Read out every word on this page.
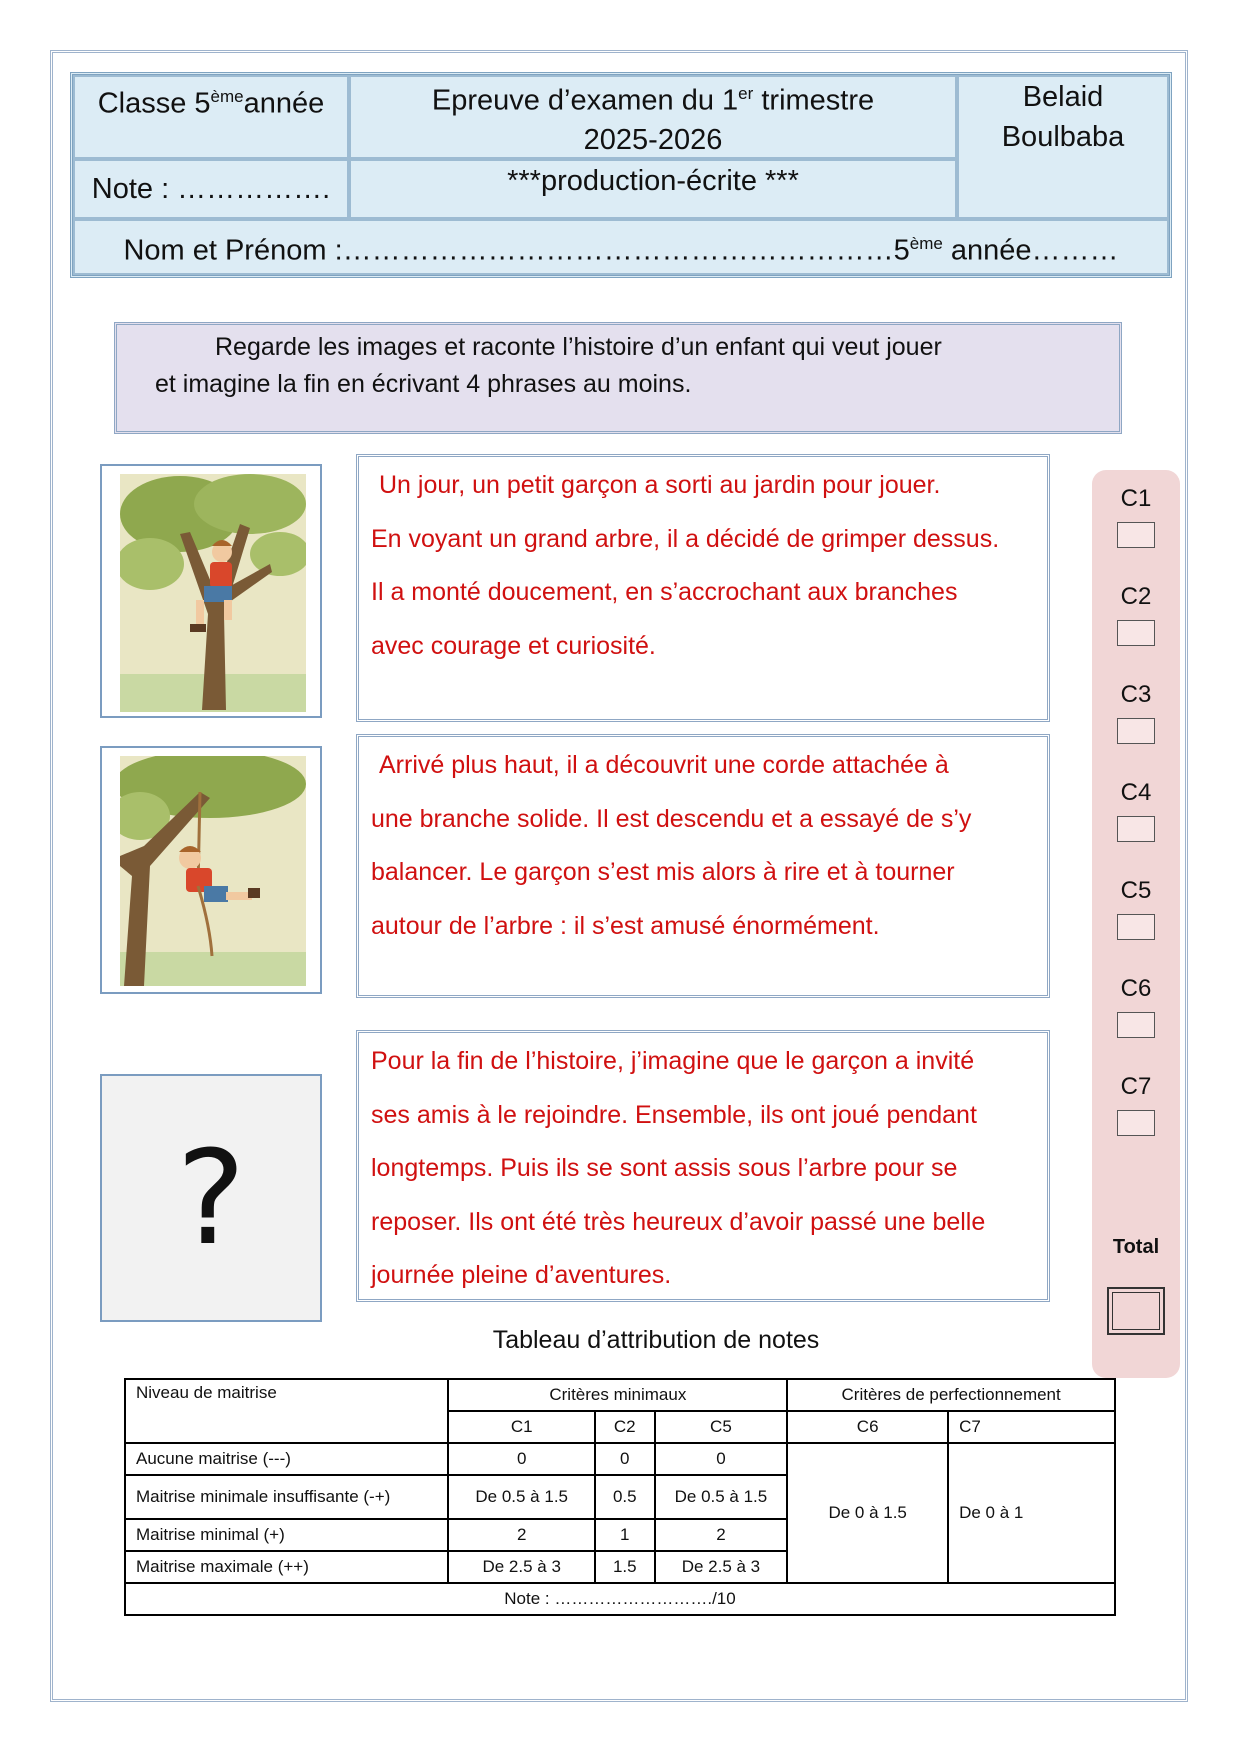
Classe 5èmeannée	Epreuve d’examen du 1er trimestre
2025-2026
Belaid
Boulbaba
Note : …………….	***production-écrite ***
Nom et Prénom :…………………………………………………5ème année………
Regarde les images et raconte l’histoire d’un enfant qui veut jouer
et imagine la fin en écrivant 4 phrases au moins.
?

Un jour, un petit garçon a sorti au jardin pour jouer.

En voyant un grand arbre, il a décidé de grimper dessus.

Il a monté doucement, en s’accrochant aux branches

avec courage et curiosité.

Arrivé plus haut, il a découvrit une corde attachée à

une branche solide. Il est descendu et a essayé de s’y

balancer. Le garçon s’est mis alors à rire et à tourner

autour de l’arbre : il s’est amusé énormément.

Pour la fin de l’histoire, j’imagine que le garçon a invité

ses amis à le rejoindre. Ensemble, ils ont joué pendant

longtemps. Puis ils se sont assis sous l’arbre pour se

reposer. Ils ont été très heureux d’avoir passé une belle

journée pleine d’aventures.

C1
C2
C3
C4
C5
C6
C7
Total
Tableau d’attribution de notes
Niveau de maitrise	Critères minimaux			Critères de perfectionnement	
	C1	C2	C5	C6	C7
Aucune maitrise (---)	0	0	0	De 0 à 1.5	De 0 à 1
Maitrise minimale insuffisante (-+)	De 0.5 à 1.5	0.5	De 0.5 à 1.5		
Maitrise minimal (+)	2	1	2		
Maitrise maximale (++)	De 2.5 à 3	1.5	De 2.5 à 3		
Note : ………………………./10					
